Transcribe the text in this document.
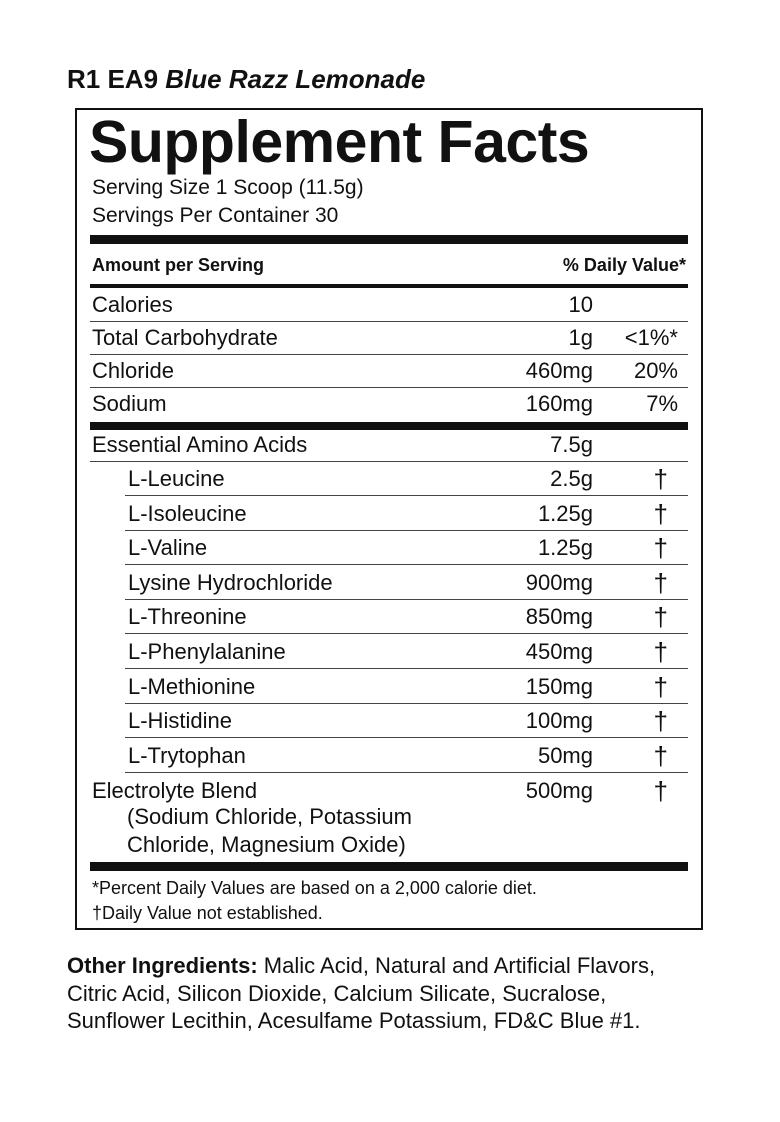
R1 EA9 Blue Razz Lemonade
Supplement Facts
Serving Size 1 Scoop (11.5g)
Servings Per Container 30
Amount per Serving	% Daily Value*
Calories	10
Total Carbohydrate	1g <1%*
Chloride	460mg 20%
Sodium	160mg 7%
Essential Amino Acids	7.5g
L-Leucine	2.5g †
L-Isoleucine	1.25g †
L-Valine	1.25g †
Lysine Hydrochloride	900mg †
L-Threonine	850mg †
L-Phenylalanine	450mg †
L-Methionine	150mg †
L-Histidine	100mg †
L-Trytophan	50mg †
Electrolyte Blend	500mg †
(Sodium Chloride, Potassium
Chloride, Magnesium Oxide)
*Percent Daily Values are based on a 2,000 calorie diet.
†Daily Value not established.
Other Ingredients: Malic Acid, Natural and Artificial Flavors, Citric Acid, Silicon Dioxide, Calcium Silicate, Sucralose, Sunflower Lecithin, Acesulfame Potassium, FD&C Blue #1.
